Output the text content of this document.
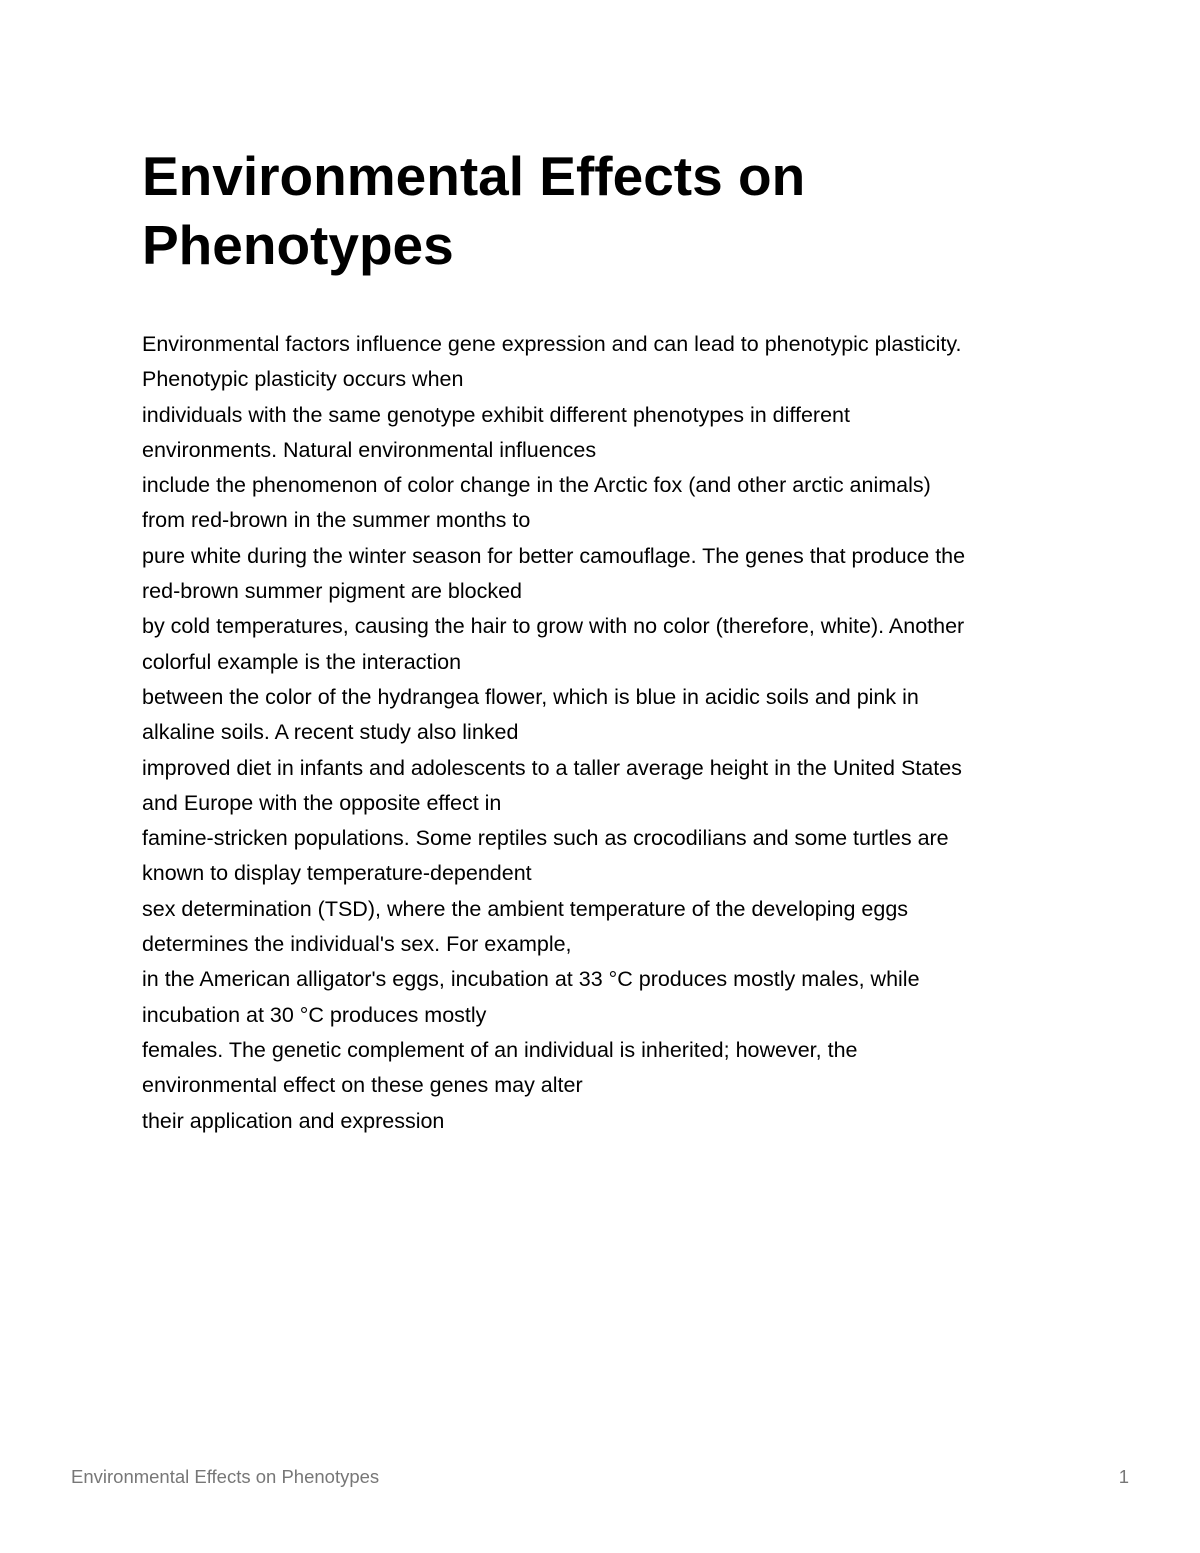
Environmental Effects on
Phenotypes
Environmental factors influence gene expression and can lead to phenotypic plasticity.
Phenotypic plasticity occurs when
individuals with the same genotype exhibit different phenotypes in different
environments. Natural environmental influences
include the phenomenon of color change in the Arctic fox (and other arctic animals)
from red-brown in the summer months to
pure white during the winter season for better camouflage. The genes that produce the
red-brown summer pigment are blocked
by cold temperatures, causing the hair to grow with no color (therefore, white). Another
colorful example is the interaction
between the color of the hydrangea flower, which is blue in acidic soils and pink in
alkaline soils. A recent study also linked
improved diet in infants and adolescents to a taller average height in the United States
and Europe with the opposite effect in
famine-stricken populations. Some reptiles such as crocodilians and some turtles are
known to display temperature-dependent
sex determination (TSD), where the ambient temperature of the developing eggs
determines the individual's sex. For example,
in the American alligator's eggs, incubation at 33 °C produces mostly males, while
incubation at 30 °C produces mostly
females. The genetic complement of an individual is inherited; however, the
environmental effect on these genes may alter
their application and expression
Environmental Effects on Phenotypes	1
